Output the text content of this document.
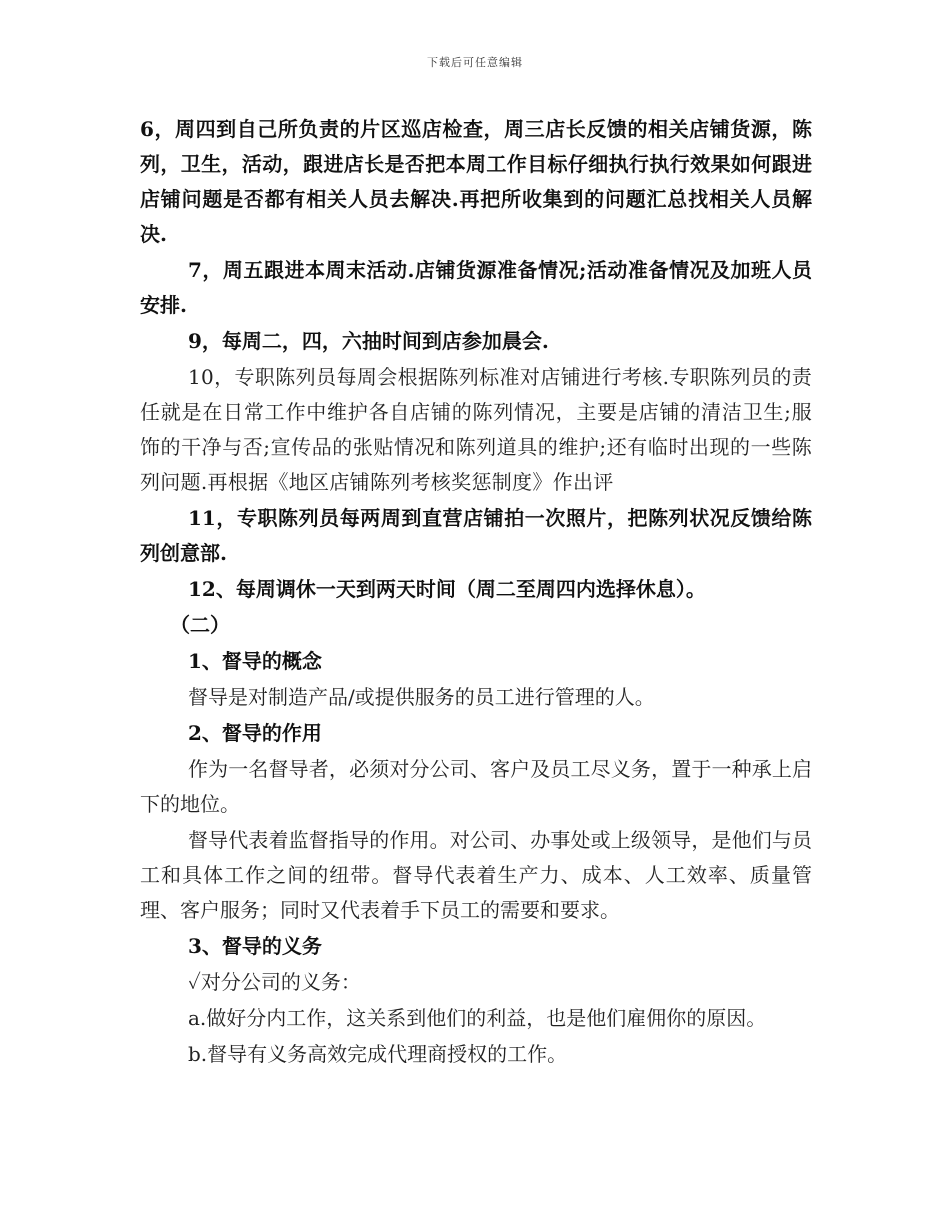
下载后可任意编辑

6，周四到自己所负责的片区巡店检查，周三店长反馈的相关店铺货源，陈列，卫生，活动，跟进店长是否把本周工作目标仔细执行执行效果如何跟进店铺问题是否都有相关人员去解决.再把所收集到的问题汇总找相关人员解决.

7，周五跟进本周末活动.店铺货源准备情况;活动准备情况及加班人员安排.

9，每周二，四，六抽时间到店参加晨会.

10，专职陈列员每周会根据陈列标准对店铺进行考核.专职陈列员的责任就是在日常工作中维护各自店铺的陈列情况，主要是店铺的清洁卫生;服饰的干净与否;宣传品的张贴情况和陈列道具的维护;还有临时出现的一些陈列问题.再根据《地区店铺陈列考核奖惩制度》作出评

11，专职陈列员每两周到直营店铺拍一次照片，把陈列状况反馈给陈列创意部.

12、每周调休一天到两天时间（周二至周四内选择休息）。

（二）

1、督导的概念

督导是对制造产品/或提供服务的员工进行管理的人。

2、督导的作用

作为一名督导者，必须对分公司、客户及员工尽义务，置于一种承上启下的地位。

督导代表着监督指导的作用。对公司、办事处或上级领导，是他们与员工和具体工作之间的纽带。督导代表着生产力、成本、人工效率、质量管理、客户服务；同时又代表着手下员工的需要和要求。

3、督导的义务

✓对分公司的义务：

a.做好分内工作，这关系到他们的利益，也是他们雇佣你的原因。

b.督导有义务高效完成代理商授权的工作。
